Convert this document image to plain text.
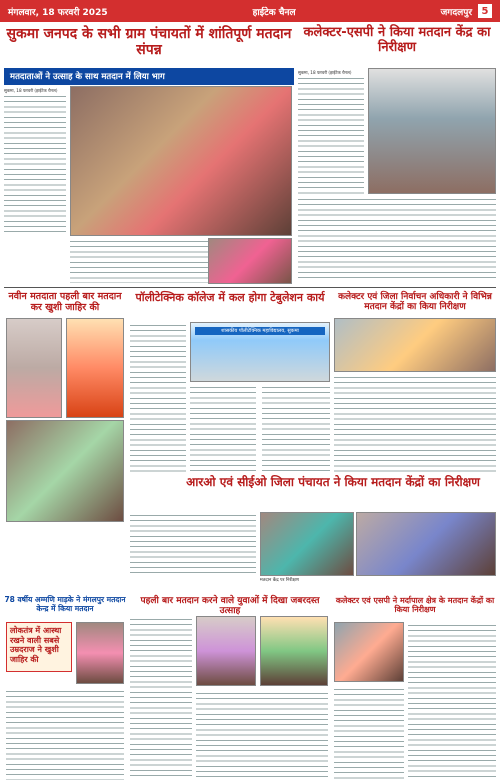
मंगलवार, 18 फरवरी 2025	हाईटेक चैनल	जगदलपुर 5
सुकमा जनपद के सभी ग्राम पंचायतों में शांतिपूर्ण मतदान संपन्न
मतदाताओं ने उत्साह के साथ मतदान में लिया भाग
सुकमा, 18 फरवरी (हाईटेक चैनल)
कलेक्टर-एसपी ने किया मतदान केंद्र का निरीक्षण
सुकमा, 18 फरवरी (हाईटेक चैनल)
नवीन मतदाता पहली बार मतदान कर खुशी जाहिर की
पॉलीटेक्निक कॉलेज में कल होगा टेबुलेशन कार्य
शासकीय पॉलीटेक्निक महाविद्यालय, सुकमा
कलेक्टर एवं जिला निर्वाचन अधिकारी ने विभिन्न मतदान केंद्रों का किया निरीक्षण
आरओ एवं सीईओ जिला पंचायत ने किया मतदान केंद्रों का निरीक्षण
मतदान केंद्र पर निरीक्षण
78 वर्षीय अम्मणि माड़के ने मंगलपुर मतदान केन्द्र में किया मतदान
लोकतंत्र में आस्था रखने वाली सबसे उम्रदराज ने खुशी जाहिर की
पहली बार मतदान करने वाले युवाओं में दिखा जबरदस्त उत्साह
कलेक्टर एवं एसपी ने मर्दापाल क्षेत्र के मतदान केंद्रों का किया निरीक्षण
